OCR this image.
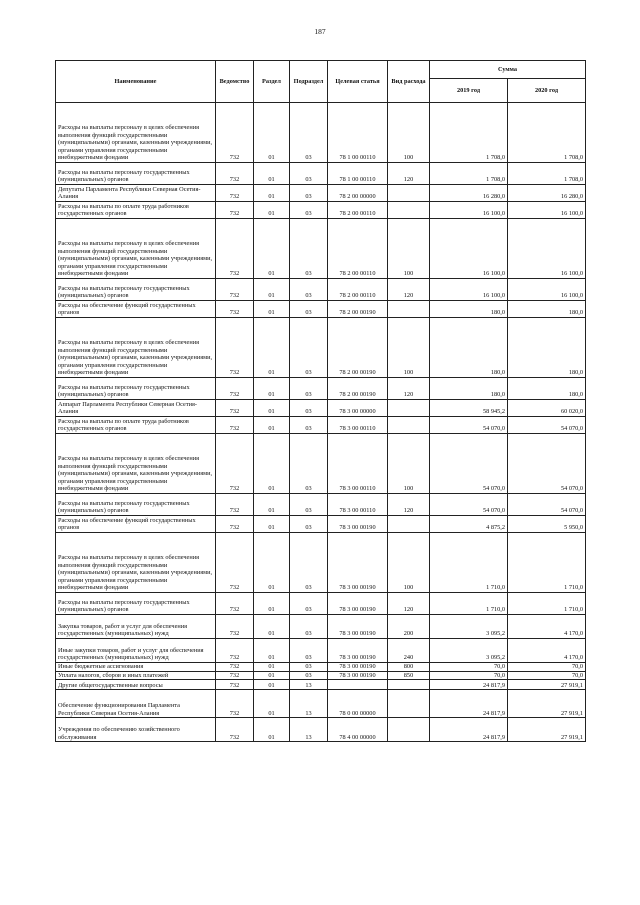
187
Наименование	Ведомство	Раздел	Подраздел	Целевая статья	Вид расхода	Сумма	
						2019 год	2020 год
Расходы на выплаты персоналу в целях обеспечения выполнения функций государственными (муниципальными) органами, казенными учреждениями, органами управления государственными внебюджетными фондами	732	01	03	78 1 00 00110	100	1 708,0	1 708,0
Расходы на выплаты персоналу государственных (муниципальных) органов	732	01	03	78 1 00 00110	120	1 708,0	1 708,0
Депутаты Парламента Республики Северная Осетия-Алания	732	01	03	78 2 00 00000		16 280,0	16 280,0
Расходы на выплаты по оплате труда работников государственных органов	732	01	03	78 2 00 00110		16 100,0	16 100,0
Расходы на выплаты персоналу в целях обеспечения выполнения функций государственными (муниципальными) органами, казенными учреждениями, органами управления государственными внебюджетными фондами	732	01	03	78 2 00 00110	100	16 100,0	16 100,0
Расходы на выплаты персоналу государственных (муниципальных) органов	732	01	03	78 2 00 00110	120	16 100,0	16 100,0
Расходы на обеспечение функций государственных органов	732	01	03	78 2 00 00190		180,0	180,0
Расходы на выплаты персоналу в целях обеспечения выполнения функций государственными (муниципальными) органами, казенными учреждениями, органами управления государственными внебюджетными фондами	732	01	03	78 2 00 00190	100	180,0	180,0
Расходы на выплаты персоналу государственных (муниципальных) органов	732	01	03	78 2 00 00190	120	180,0	180,0
Аппарат Парламента Республики Северная Осетия-Алания	732	01	03	78 3 00 00000		58 945,2	60 020,0
Расходы на выплаты по оплате труда работников государственных органов	732	01	03	78 3 00 00110		54 070,0	54 070,0
Расходы на выплаты персоналу в целях обеспечения выполнения функций государственными (муниципальными) органами, казенными учреждениями, органами управления государственными внебюджетными фондами	732	01	03	78 3 00 00110	100	54 070,0	54 070,0
Расходы на выплаты персоналу государственных (муниципальных) органов	732	01	03	78 3 00 00110	120	54 070,0	54 070,0
Расходы на обеспечение функций государственных органов	732	01	03	78 3 00 00190		4 875,2	5 950,0
Расходы на выплаты персоналу в целях обеспечения выполнения функций государственными (муниципальными) органами, казенными учреждениями, органами управления государственными внебюджетными фондами	732	01	03	78 3 00 00190	100	1 710,0	1 710,0
Расходы на выплаты персоналу государственных (муниципальных) органов	732	01	03	78 3 00 00190	120	1 710,0	1 710,0
Закупка товаров, работ и услуг для обеспечения государственных (муниципальных) нужд	732	01	03	78 3 00 00190	200	3 095,2	4 170,0
Иные закупки товаров, работ и услуг для обеспечения государственных (муниципальных) нужд	732	01	03	78 3 00 00190	240	3 095,2	4 170,0
Иные бюджетные ассигнования	732	01	03	78 3 00 00190	800	70,0	70,0
Уплата налогов, сборов и иных платежей	732	01	03	78 3 00 00190	850	70,0	70,0
Другие общегосударственные вопросы	732	01	13			24 817,9	27 919,1
Обеспечение функционирования Парламента Республики Северная Осетия-Алания	732	01	13	78 0 00 00000		24 817,9	27 919,1
Учреждения по обеспечению хозяйственного обслуживания	732	01	13	78 4 00 00000		24 817,9	27 919,1
